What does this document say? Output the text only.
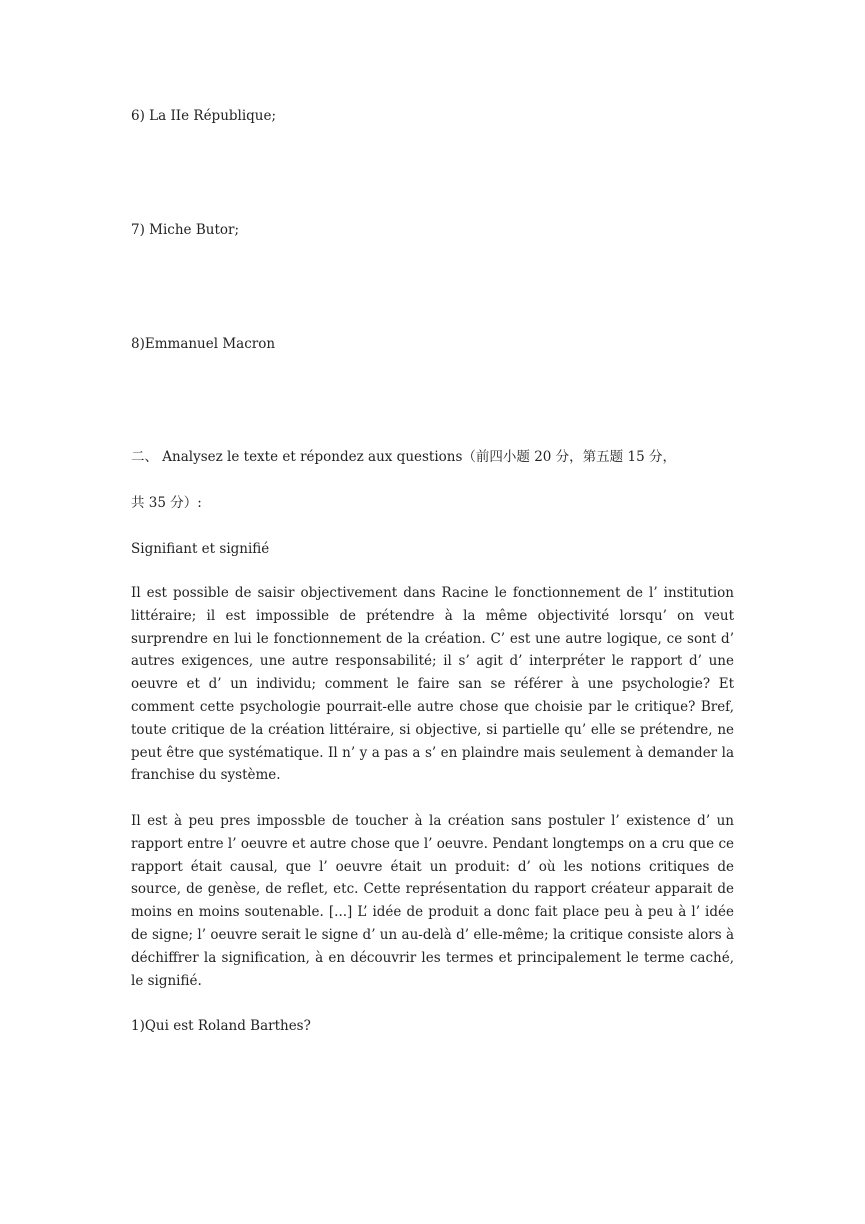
6) La IIe République;
7) Miche Butor;
8)Emmanuel Macron
二、 Analysez le texte et répondez aux questions（前四小题 20 分，第五题 15 分，
共 35 分）:
Signifiant et signifié
Il est possible de saisir objectivement dans Racine le fonctionnement de l’ institution littéraire; il est impossible de prétendre à la même objectivité lorsqu’ on veut surprendre en lui le fonctionnement de la création. C’ est une autre logique, ce sont d’ autres exigences, une autre responsabilité; il s’ agit d’ interpréter le rapport d’ une oeuvre et d’ un individu; comment le faire san se référer à une psychologie? Et comment cette psychologie pourrait-elle autre chose que choisie par le critique? Bref, toute critique de la création littéraire, si objective, si partielle qu’ elle se prétendre, ne peut être que systématique. Il n’ y a pas a s’ en plaindre mais seulement à demander la franchise du système.
Il est à peu pres impossble de toucher à la création sans postuler l’ existence d’ un rapport entre l’ oeuvre et autre chose que l’ oeuvre. Pendant longtemps on a cru que ce rapport était causal, que l’ oeuvre était un produit: d’ où les notions critiques de source, de genèse, de reflet, etc. Cette représentation du rapport créateur apparait de moins en moins soutenable. [...] L’ idée de produit a donc fait place peu à peu à l’ idée de signe; l’ oeuvre serait le signe d’ un au-delà d’ elle-même; la critique consiste alors à déchiffrer la signification, à en découvrir les termes et principalement le terme caché, le signifié.
1)Qui est Roland Barthes?
